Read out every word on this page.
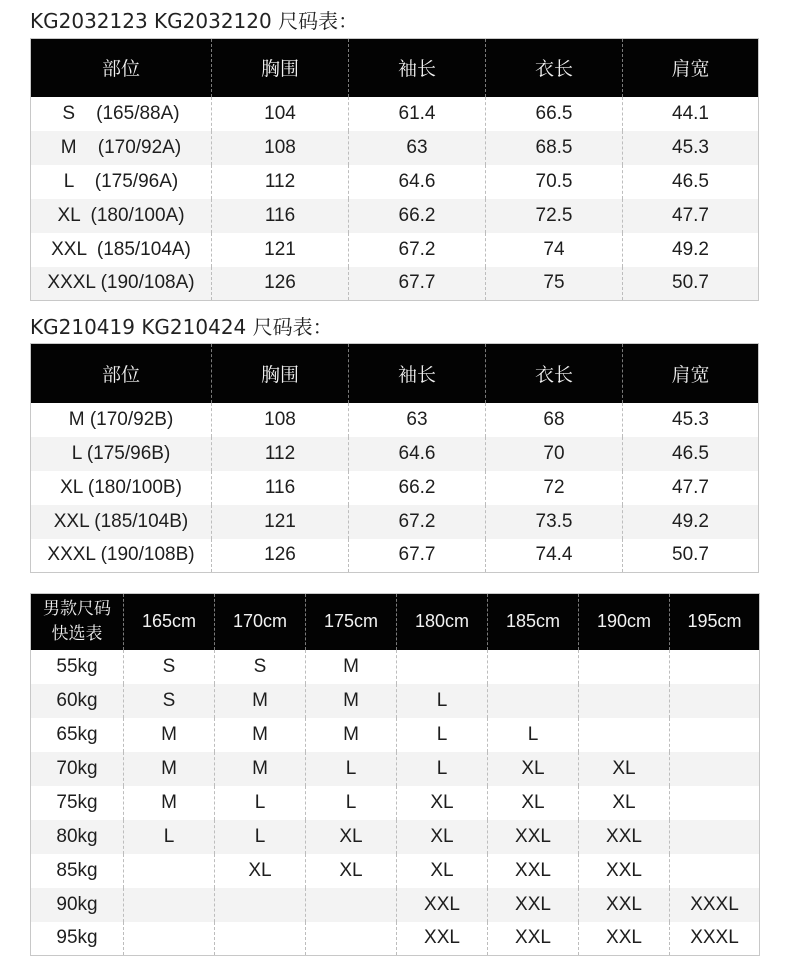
KG2032123 KG2032120 尺码表：
部位	胸围	袖长	衣长	肩宽
S    (165/88A)	104	61.4	66.5	44.1
M    (170/92A)	108	63	68.5	45.3
L    (175/96A)	112	64.6	70.5	46.5
XL  (180/100A)	116	66.2	72.5	47.7
XXL  (185/104A)	121	67.2	74	49.2
XXXL (190/108A)	126	67.7	75	50.7
KG210419 KG210424 尺码表：
部位	胸围	袖长	衣长	肩宽
M (170/92B)	108	63	68	45.3
L (175/96B)	112	64.6	70	46.5
XL (180/100B)	116	66.2	72	47.7
XXL (185/104B)	121	67.2	73.5	49.2
XXXL (190/108B)	126	67.7	74.4	50.7
男款尺码
快选表	165cm	170cm	175cm	180cm	185cm	190cm	195cm
55kg	S	S	M				
60kg	S	M	M	L			
65kg	M	M	M	L	L		
70kg	M	M	L	L	XL	XL	
75kg	M	L	L	XL	XL	XL	
80kg	L	L	XL	XL	XXL	XXL	
85kg		XL	XL	XL	XXL	XXL	
90kg				XXL	XXL	XXL	XXXL
95kg				XXL	XXL	XXL	XXXL
